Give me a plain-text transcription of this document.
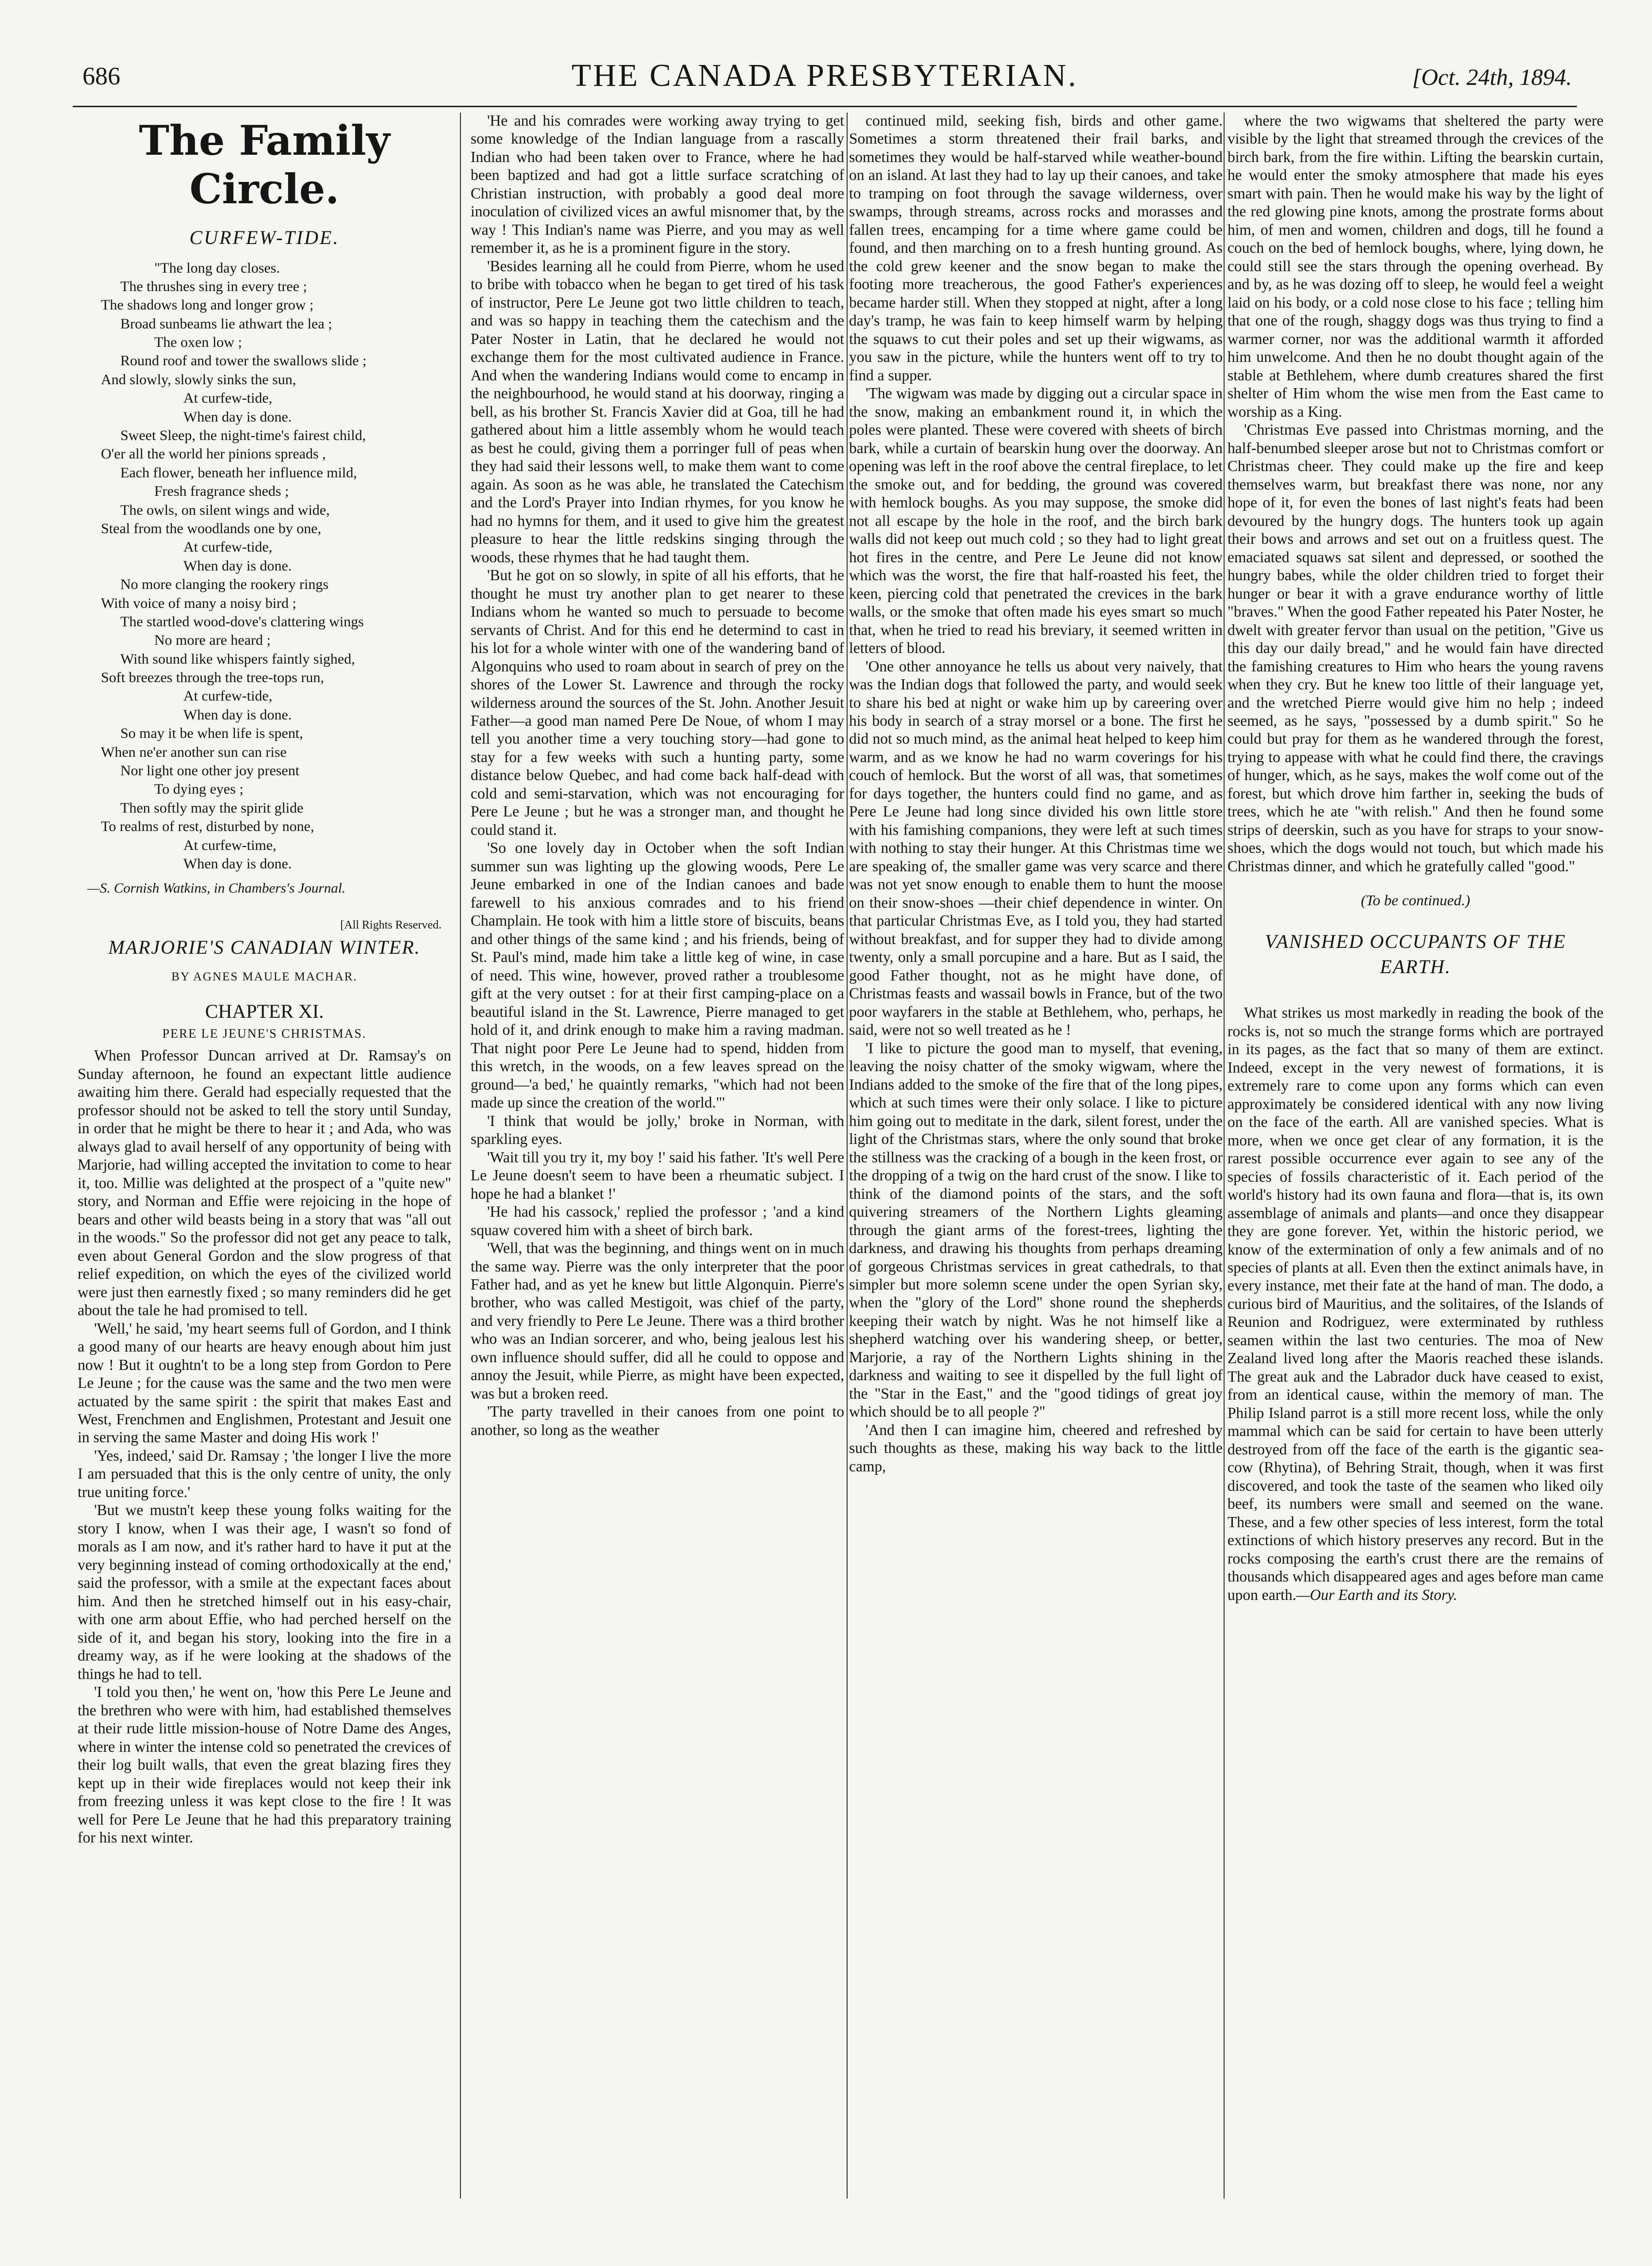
686	THE CANADA PRESBYTERIAN.	[Oct. 24th, 1894.
The Family Circle.
CURFEW-TIDE.
"The long day closes.
The thrushes sing in every tree ;
The shadows long and longer grow ;
Broad sunbeams lie athwart the lea ;
The oxen low ;
Round roof and tower the swallows slide ;
And slowly, slowly sinks the sun,
At curfew-tide,
When day is done.
Sweet Sleep, the night-time's fairest child,
O'er all the world her pinions spreads ,
Each flower, beneath her influence mild,
Fresh fragrance sheds ;
The owls, on silent wings and wide,
Steal from the woodlands one by one,
At curfew-tide,
When day is done.
No more clanging the rookery rings
With voice of many a noisy bird ;
The startled wood-dove's clattering wings
No more are heard ;
With sound like whispers faintly sighed,
Soft breezes through the tree-tops run,
At curfew-tide,
When day is done.
So may it be when life is spent,
When ne'er another sun can rise
Nor light one other joy present
To dying eyes ;
Then softly may the spirit glide
To realms of rest, disturbed by none,
At curfew-time,
When day is done.
—S. Cornish Watkins, in Chambers's Journal.
[All Rights Reserved.
MARJORIE'S CANADIAN WINTER.
BY AGNES MAULE MACHAR.
CHAPTER XI.
PERE LE JEUNE'S CHRISTMAS.

When Professor Duncan arrived at Dr. Ramsay's on Sunday afternoon, he found an expectant little audience awaiting him there. Gerald had especially requested that the professor should not be asked to tell the story until Sunday, in order that he might be there to hear it ; and Ada, who was always glad to avail herself of any opportunity of being with Marjorie, had willing accepted the invitation to come to hear it, too. Millie was delighted at the prospect of a "quite new" story, and Norman and Effie were rejoicing in the hope of bears and other wild beasts being in a story that was "all out in the woods." So the professor did not get any peace to talk, even about General Gordon and the slow progress of that relief expedition, on which the eyes of the civilized world were just then earnestly fixed ; so many reminders did he get about the tale he had promised to tell.

'Well,' he said, 'my heart seems full of Gordon, and I think a good many of our hearts are heavy enough about him just now ! But it oughtn't to be a long step from Gordon to Pere Le Jeune ; for the cause was the same and the two men were actuated by the same spirit : the spirit that makes East and West, Frenchmen and Englishmen, Protestant and Jesuit one in serving the same Master and doing His work !'

'Yes, indeed,' said Dr. Ramsay ; 'the longer I live the more I am persuaded that this is the only centre of unity, the only true uniting force.'

'But we mustn't keep these young folks waiting for the story I know, when I was their age, I wasn't so fond of morals as I am now, and it's rather hard to have it put at the very beginning instead of coming orthodoxically at the end,' said the professor, with a smile at the expectant faces about him. And then he stretched himself out in his easy-chair, with one arm about Effie, who had perched herself on the side of it, and began his story, looking into the fire in a dreamy way, as if he were looking at the shadows of the things he had to tell.

'I told you then,' he went on, 'how this Pere Le Jeune and the brethren who were with him, had established themselves at their rude little mission-house of Notre Dame des Anges, where in winter the intense cold so penetrated the crevices of their log built walls, that even the great blazing fires they kept up in their wide fireplaces would not keep their ink from freezing unless it was kept close to the fire ! It was well for Pere Le Jeune that he had this preparatory training for his next winter.

'He and his comrades were working away trying to get some knowledge of the Indian language from a rascally Indian who had been taken over to France, where he had been baptized and had got a little surface scratching of Christian instruction, with probably a good deal more inoculation of civilized vices an awful misnomer that, by the way ! This Indian's name was Pierre, and you may as well remember it, as he is a prominent figure in the story.

'Besides learning all he could from Pierre, whom he used to bribe with tobacco when he began to get tired of his task of instructor, Pere Le Jeune got two little children to teach, and was so happy in teaching them the catechism and the Pater Noster in Latin, that he declared he would not exchange them for the most cultivated audience in France. And when the wandering Indians would come to encamp in the neighbourhood, he would stand at his doorway, ringing a bell, as his brother St. Francis Xavier did at Goa, till he had gathered about him a little assembly whom he would teach as best he could, giving them a porringer full of peas when they had said their lessons well, to make them want to come again. As soon as he was able, he translated the Catechism and the Lord's Prayer into Indian rhymes, for you know he had no hymns for them, and it used to give him the greatest pleasure to hear the little redskins singing through the woods, these rhymes that he had taught them.

'But he got on so slowly, in spite of all his efforts, that he thought he must try another plan to get nearer to these Indians whom he wanted so much to persuade to become servants of Christ. And for this end he determind to cast in his lot for a whole winter with one of the wandering band of Algonquins who used to roam about in search of prey on the shores of the Lower St. Lawrence and through the rocky wilderness around the sources of the St. John. Another Jesuit Father—a good man named Pere De Noue, of whom I may tell you another time a very touching story—had gone to stay for a few weeks with such a hunting party, some distance below Quebec, and had come back half-dead with cold and semi-starvation, which was not encouraging for Pere Le Jeune ; but he was a stronger man, and thought he could stand it.

'So one lovely day in October when the soft Indian summer sun was lighting up the glowing woods, Pere Le Jeune embarked in one of the Indian canoes and bade farewell to his anxious comrades and to his friend Champlain. He took with him a little store of biscuits, beans and other things of the same kind ; and his friends, being of St. Paul's mind, made him take a little keg of wine, in case of need. This wine, however, proved rather a troublesome gift at the very outset : for at their first camping-place on a beautiful island in the St. Lawrence, Pierre managed to get hold of it, and drink enough to make him a raving madman. That night poor Pere Le Jeune had to spend, hidden from this wretch, in the woods, on a few leaves spread on the ground—'a bed,' he quaintly remarks, "which had not been made up since the creation of the world."'

'I think that would be jolly,' broke in Norman, with sparkling eyes.

'Wait till you try it, my boy !' said his father. 'It's well Pere Le Jeune doesn't seem to have been a rheumatic subject. I hope he had a blanket !'

'He had his cassock,' replied the professor ; 'and a kind squaw covered him with a sheet of birch bark.

'Well, that was the beginning, and things went on in much the same way. Pierre was the only interpreter that the poor Father had, and as yet he knew but little Algonquin. Pierre's brother, who was called Mestigoit, was chief of the party, and very friendly to Pere Le Jeune. There was a third brother who was an Indian sorcerer, and who, being jealous lest his own influence should suffer, did all he could to oppose and annoy the Jesuit, while Pierre, as might have been expected, was but a broken reed.

'The party travelled in their canoes from one point to another, so long as the weather

continued mild, seeking fish, birds and other game. Sometimes a storm threatened their frail barks, and sometimes they would be half-starved while weather-bound on an island. At last they had to lay up their canoes, and take to tramping on foot through the savage wilderness, over swamps, through streams, across rocks and morasses and fallen trees, encamping for a time where game could be found, and then marching on to a fresh hunting ground. As the cold grew keener and the snow began to make the footing more treacherous, the good Father's experiences became harder still. When they stopped at night, after a long day's tramp, he was fain to keep himself warm by helping the squaws to cut their poles and set up their wigwams, as you saw in the picture, while the hunters went off to try to find a supper.

'The wigwam was made by digging out a circular space in the snow, making an embankment round it, in which the poles were planted. These were covered with sheets of birch bark, while a curtain of bearskin hung over the doorway. An opening was left in the roof above the central fireplace, to let the smoke out, and for bedding, the ground was covered with hemlock boughs. As you may suppose, the smoke did not all escape by the hole in the roof, and the birch bark walls did not keep out much cold ; so they had to light great hot fires in the centre, and Pere Le Jeune did not know which was the worst, the fire that half-roasted his feet, the keen, piercing cold that penetrated the crevices in the bark walls, or the smoke that often made his eyes smart so much that, when he tried to read his breviary, it seemed written in letters of blood.

'One other annoyance he tells us about very naively, that was the Indian dogs that followed the party, and would seek to share his bed at night or wake him up by careering over his body in search of a stray morsel or a bone. The first he did not so much mind, as the animal heat helped to keep him warm, and as we know he had no warm coverings for his couch of hemlock. But the worst of all was, that sometimes for days together, the hunters could find no game, and as Pere Le Jeune had long since divided his own little store with his famishing companions, they were left at such times with nothing to stay their hunger. At this Christmas time we are speaking of, the smaller game was very scarce and there was not yet snow enough to enable them to hunt the moose on their snow-shoes —their chief dependence in winter. On that particular Christmas Eve, as I told you, they had started without breakfast, and for supper they had to divide among twenty, only a small porcupine and a hare. But as I said, the good Father thought, not as he might have done, of Christmas feasts and wassail bowls in France, but of the two poor wayfarers in the stable at Bethlehem, who, perhaps, he said, were not so well treated as he !

'I like to picture the good man to myself, that evening, leaving the noisy chatter of the smoky wigwam, where the Indians added to the smoke of the fire that of the long pipes, which at such times were their only solace. I like to picture him going out to meditate in the dark, silent forest, under the light of the Christmas stars, where the only sound that broke the stillness was the cracking of a bough in the keen frost, or the dropping of a twig on the hard crust of the snow. I like to think of the diamond points of the stars, and the soft quivering streamers of the Northern Lights gleaming through the giant arms of the forest-trees, lighting the darkness, and drawing his thoughts from perhaps dreaming of gorgeous Christmas services in great cathedrals, to that simpler but more solemn scene under the open Syrian sky, when the "glory of the Lord" shone round the shepherds keeping their watch by night. Was he not himself like a shepherd watching over his wandering sheep, or better, Marjorie, a ray of the Northern Lights shining in the darkness and waiting to see it dispelled by the full light of the "Star in the East," and the "good tidings of great joy which should be to all people ?"

'And then I can imagine him, cheered and refreshed by such thoughts as these, making his way back to the little camp,

where the two wigwams that sheltered the party were visible by the light that streamed through the crevices of the birch bark, from the fire within. Lifting the bearskin curtain, he would enter the smoky atmosphere that made his eyes smart with pain. Then he would make his way by the light of the red glowing pine knots, among the prostrate forms about him, of men and women, children and dogs, till he found a couch on the bed of hemlock boughs, where, lying down, he could still see the stars through the opening overhead. By and by, as he was dozing off to sleep, he would feel a weight laid on his body, or a cold nose close to his face ; telling him that one of the rough, shaggy dogs was thus trying to find a warmer corner, nor was the additional warmth it afforded him unwelcome. And then he no doubt thought again of the stable at Bethlehem, where dumb creatures shared the first shelter of Him whom the wise men from the East came to worship as a King.

'Christmas Eve passed into Christmas morning, and the half-benumbed sleeper arose but not to Christmas comfort or Christmas cheer. They could make up the fire and keep themselves warm, but breakfast there was none, nor any hope of it, for even the bones of last night's feats had been devoured by the hungry dogs. The hunters took up again their bows and arrows and set out on a fruitless quest. The emaciated squaws sat silent and depressed, or soothed the hungry babes, while the older children tried to forget their hunger or bear it with a grave endurance worthy of little "braves." When the good Father repeated his Pater Noster, he dwelt with greater fervor than usual on the petition, "Give us this day our daily bread," and he would fain have directed the famishing creatures to Him who hears the young ravens when they cry. But he knew too little of their language yet, and the wretched Pierre would give him no help ; indeed seemed, as he says, "possessed by a dumb spirit." So he could but pray for them as he wandered through the forest, trying to appease with what he could find there, the cravings of hunger, which, as he says, makes the wolf come out of the forest, but which drove him farther in, seeking the buds of trees, which he ate "with relish." And then he found some strips of deerskin, such as you have for straps to your snow-shoes, which the dogs would not touch, but which made his Christmas dinner, and which he gratefully called "good."

(To be continued.)
VANISHED OCCUPANTS OF THE EARTH.

What strikes us most markedly in reading the book of the rocks is, not so much the strange forms which are portrayed in its pages, as the fact that so many of them are extinct. Indeed, except in the very newest of formations, it is extremely rare to come upon any forms which can even approximately be considered identical with any now living on the face of the earth. All are vanished species. What is more, when we once get clear of any formation, it is the rarest possible occurrence ever again to see any of the species of fossils characteristic of it. Each period of the world's history had its own fauna and flora—that is, its own assemblage of animals and plants—and once they disappear they are gone forever. Yet, within the historic period, we know of the extermination of only a few animals and of no species of plants at all. Even then the extinct animals have, in every instance, met their fate at the hand of man. The dodo, a curious bird of Mauritius, and the solitaires, of the Islands of Reunion and Rodriguez, were exterminated by ruthless seamen within the last two centuries. The moa of New Zealand lived long after the Maoris reached these islands. The great auk and the Labrador duck have ceased to exist, from an identical cause, within the memory of man. The Philip Island parrot is a still more recent loss, while the only mammal which can be said for certain to have been utterly destroyed from off the face of the earth is the gigantic sea-cow (Rhytina), of Behring Strait, though, when it was first discovered, and took the taste of the seamen who liked oily beef, its numbers were small and seemed on the wane. These, and a few other species of less interest, form the total extinctions of which history preserves any record. But in the rocks composing the earth's crust there are the remains of thousands which disappeared ages and ages before man came upon earth.—Our Earth and its Story.
